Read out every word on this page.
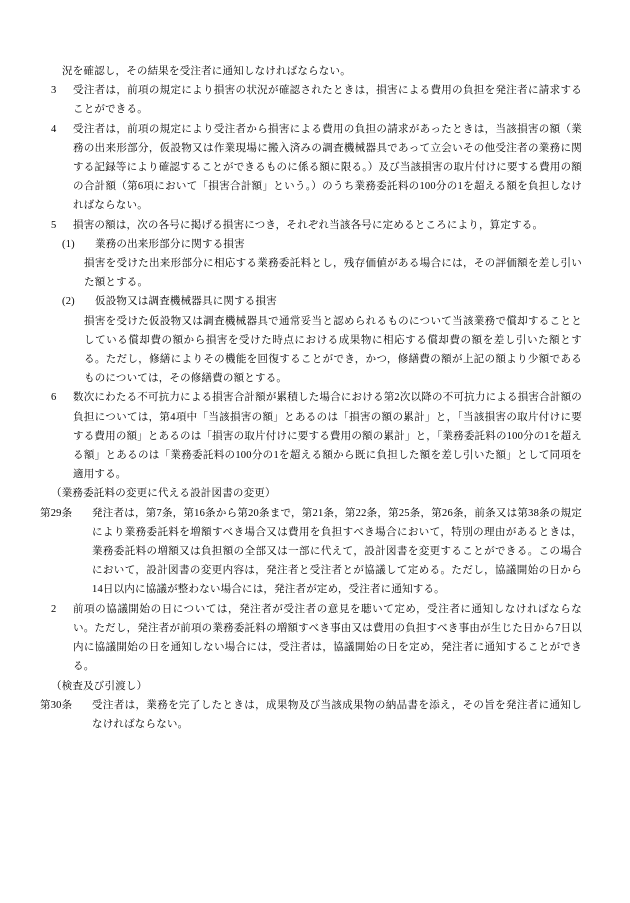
況を確認し，その結果を受注者に通知しなければならない。
3	受注者は，前項の規定により損害の状況が確認されたときは，損害による費用の負担を発注者に請求することができる。
4	受注者は，前項の規定により受注者から損害による費用の負担の請求があったときは，当該損害の額（業務の出来形部分，仮設物又は作業現場に搬入済みの調査機械器具であって立会いその他受注者の業務に関する記録等により確認することができるものに係る額に限る。）及び当該損害の取片付けに要する費用の額の合計額（第6項において「損害合計額」という。）のうち業務委託料の100分の1を超える額を負担しなければならない。
5	損害の額は，次の各号に掲げる損害につき，それぞれ当該各号に定めるところにより，算定する。
(1)	業務の出来形部分に関する損害
損害を受けた出来形部分に相応する業務委託料とし，残存価値がある場合には，その評価額を差し引いた額とする。
(2)	仮設物又は調査機械器具に関する損害
損害を受けた仮設物又は調査機械器具で通常妥当と認められるものについて当該業務で償却することとしている償却費の額から損害を受けた時点における成果物に相応する償却費の額を差し引いた額とする。ただし，修繕によりその機能を回復することができ，かつ，修繕費の額が上記の額より少額であるものについては，その修繕費の額とする。
6	数次にわたる不可抗力による損害合計額が累積した場合における第2次以降の不可抗力による損害合計額の負担については，第4項中「当該損害の額」とあるのは「損害の額の累計」と，「当該損害の取片付けに要する費用の額」とあるのは「損害の取片付けに要する費用の額の累計」と，「業務委託料の100分の1を超える額」とあるのは「業務委託料の100分の1を超える額から既に負担した額を差し引いた額」として同項を適用する。
（業務委託料の変更に代える設計図書の変更）
第29条	発注者は，第7条，第16条から第20条まで，第21条，第22条，第25条，第26条，前条又は第38条の規定により業務委託料を増額すべき場合又は費用を負担すべき場合において，特別の理由があるときは，業務委託料の増額又は負担額の全部又は一部に代えて，設計図書を変更することができる。この場合において，設計図書の変更内容は，発注者と受注者とが協議して定める。ただし，協議開始の日から14日以内に協議が整わない場合には，発注者が定め，受注者に通知する。
2	前項の協議開始の日については，発注者が受注者の意見を聴いて定め，受注者に通知しなければならない。ただし，発注者が前項の業務委託料の増額すべき事由又は費用の負担すべき事由が生じた日から7日以内に協議開始の日を通知しない場合には，受注者は，協議開始の日を定め，発注者に通知することができる。
（検査及び引渡し）
第30条	受注者は，業務を完了したときは，成果物及び当該成果物の納品書を添え，その旨を発注者に通知しなければならない。
